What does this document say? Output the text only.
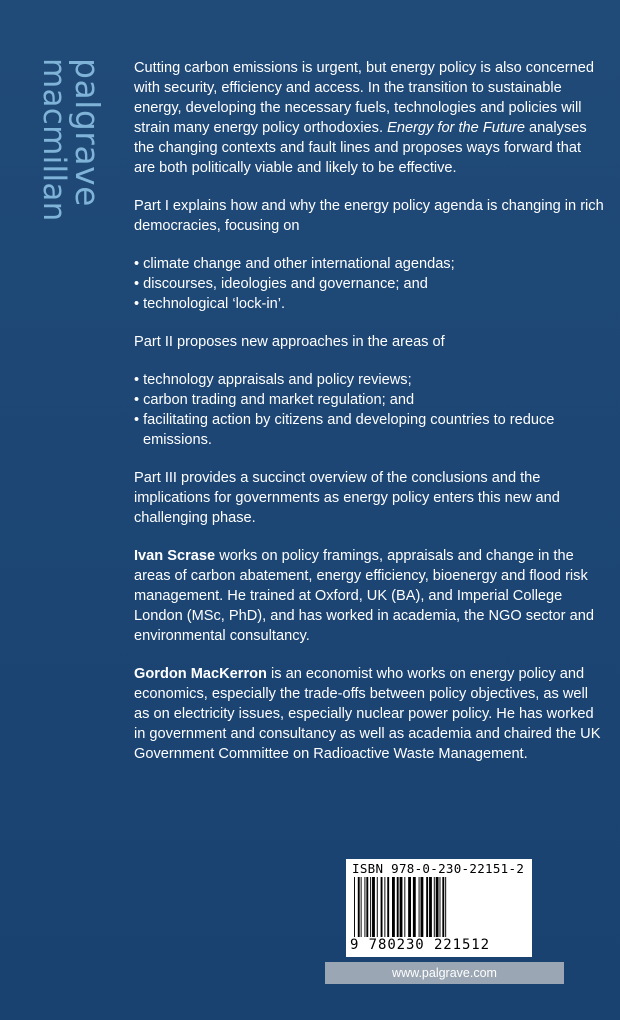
palgrave
macmillan	Cutting carbon emissions is urgent, but energy policy is also concerned with security, efficiency and access. In the transition to sustainable energy, developing the necessary fuels, technologies and policies will strain many energy policy orthodoxies. Energy for the Future analyses the changing contexts and fault lines and proposes ways forward that are both politically viable and likely to be effective.

Part I explains how and why the energy policy agenda is changing in rich democracies, focusing on

• climate change and other international agendas;
• discourses, ideologies and governance; and
• technological ‘lock-in’.

Part II proposes new approaches in the areas of

• technology appraisals and policy reviews;
• carbon trading and market regulation; and
• facilitating action by citizens and developing countries to reduce emissions.

Part III provides a succinct overview of the conclusions and the implications for governments as energy policy enters this new and challenging phase.

Ivan Scrase works on policy framings, appraisals and change in the areas of carbon abatement, energy efficiency, bioenergy and flood risk management. He trained at Oxford, UK (BA), and Imperial College London (MSc, PhD), and has worked in academia, the NGO sector and environmental consultancy.

Gordon MacKerron is an economist who works on energy policy and economics, especially the trade-offs between policy objectives, as well as on electricity issues, especially nuclear power policy. He has worked in government and consultancy as well as academia and chaired the UK Government Committee on Radioactive Waste Management.

ISBN 978-0-230-22151-2
9 780230 221512
www.palgrave.com
